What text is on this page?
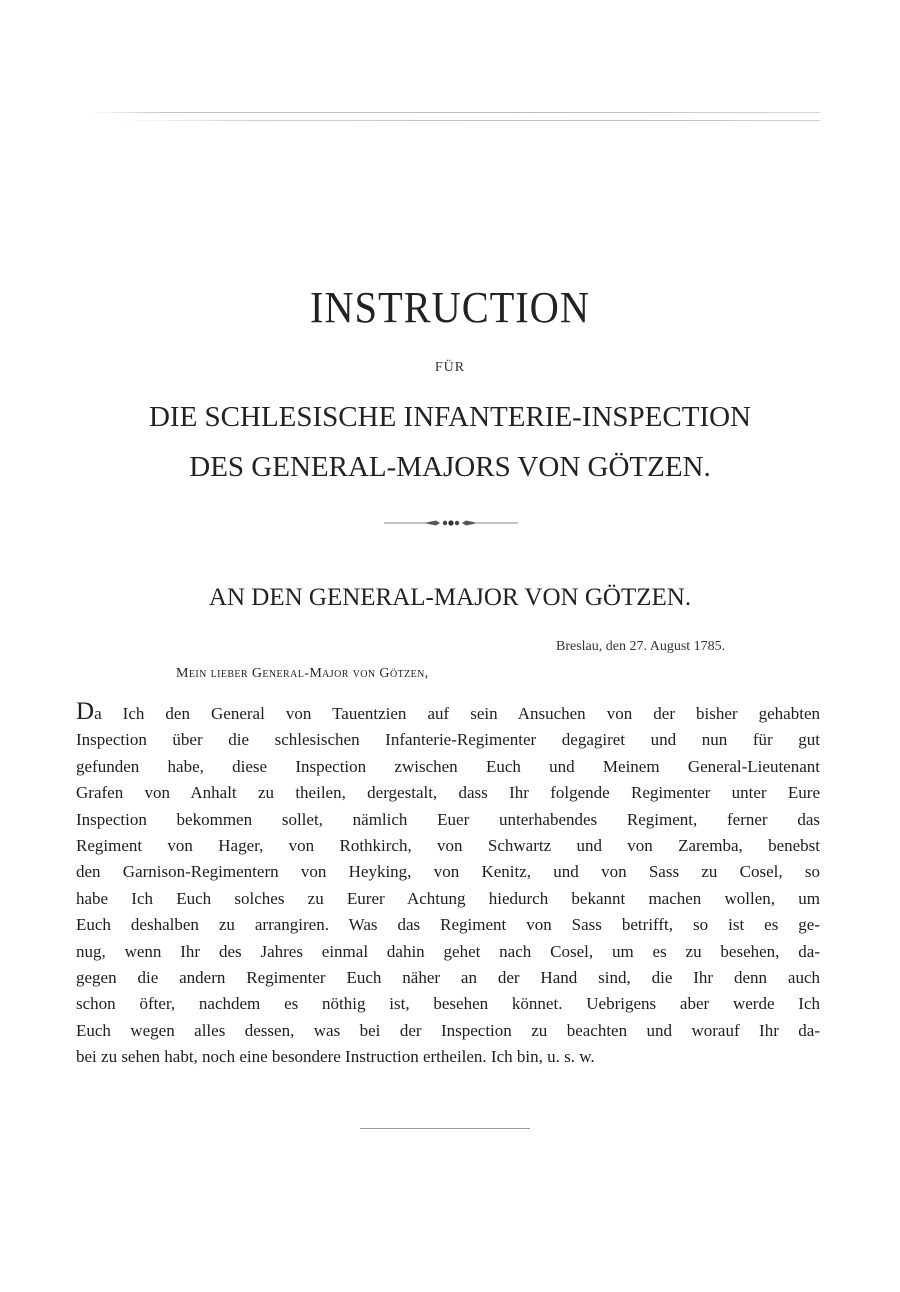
INSTRUCTION
FÜR
DIE SCHLESISCHE INFANTERIE-INSPECTION
DES GENERAL-MAJORS VON GÖTZEN.
AN DEN GENERAL-MAJOR VON GÖTZEN.
Breslau, den 27. August 1785.
Mein lieber General-Major von Götzen,
Da Ich den General von Tauentzien auf sein Ansuchen von der bisher gehabten
Inspection über die schlesischen Infanterie-Regimenter degagiret und nun für gut
gefunden habe, diese Inspection zwischen Euch und Meinem General-Lieutenant
Grafen von Anhalt zu theilen, dergestalt, dass Ihr folgende Regimenter unter Eure
Inspection bekommen sollet, nämlich Euer unterhabendes Regiment, ferner das
Regiment von Hager, von Rothkirch, von Schwartz und von Zaremba, benebst
den Garnison-Regimentern von Heyking, von Kenitz, und von Sass zu Cosel, so
habe Ich Euch solches zu Eurer Achtung hiedurch bekannt machen wollen, um
Euch deshalben zu arrangiren. Was das Regiment von Sass betrifft, so ist es ge-
nug, wenn Ihr des Jahres einmal dahin gehet nach Cosel, um es zu besehen, da-
gegen die andern Regimenter Euch näher an der Hand sind, die Ihr denn auch
schon öfter, nachdem es nöthig ist, besehen könnet. Uebrigens aber werde Ich
Euch wegen alles dessen, was bei der Inspection zu beachten und worauf Ihr da-
bei zu sehen habt, noch eine besondere Instruction ertheilen. Ich bin, u. s. w.
